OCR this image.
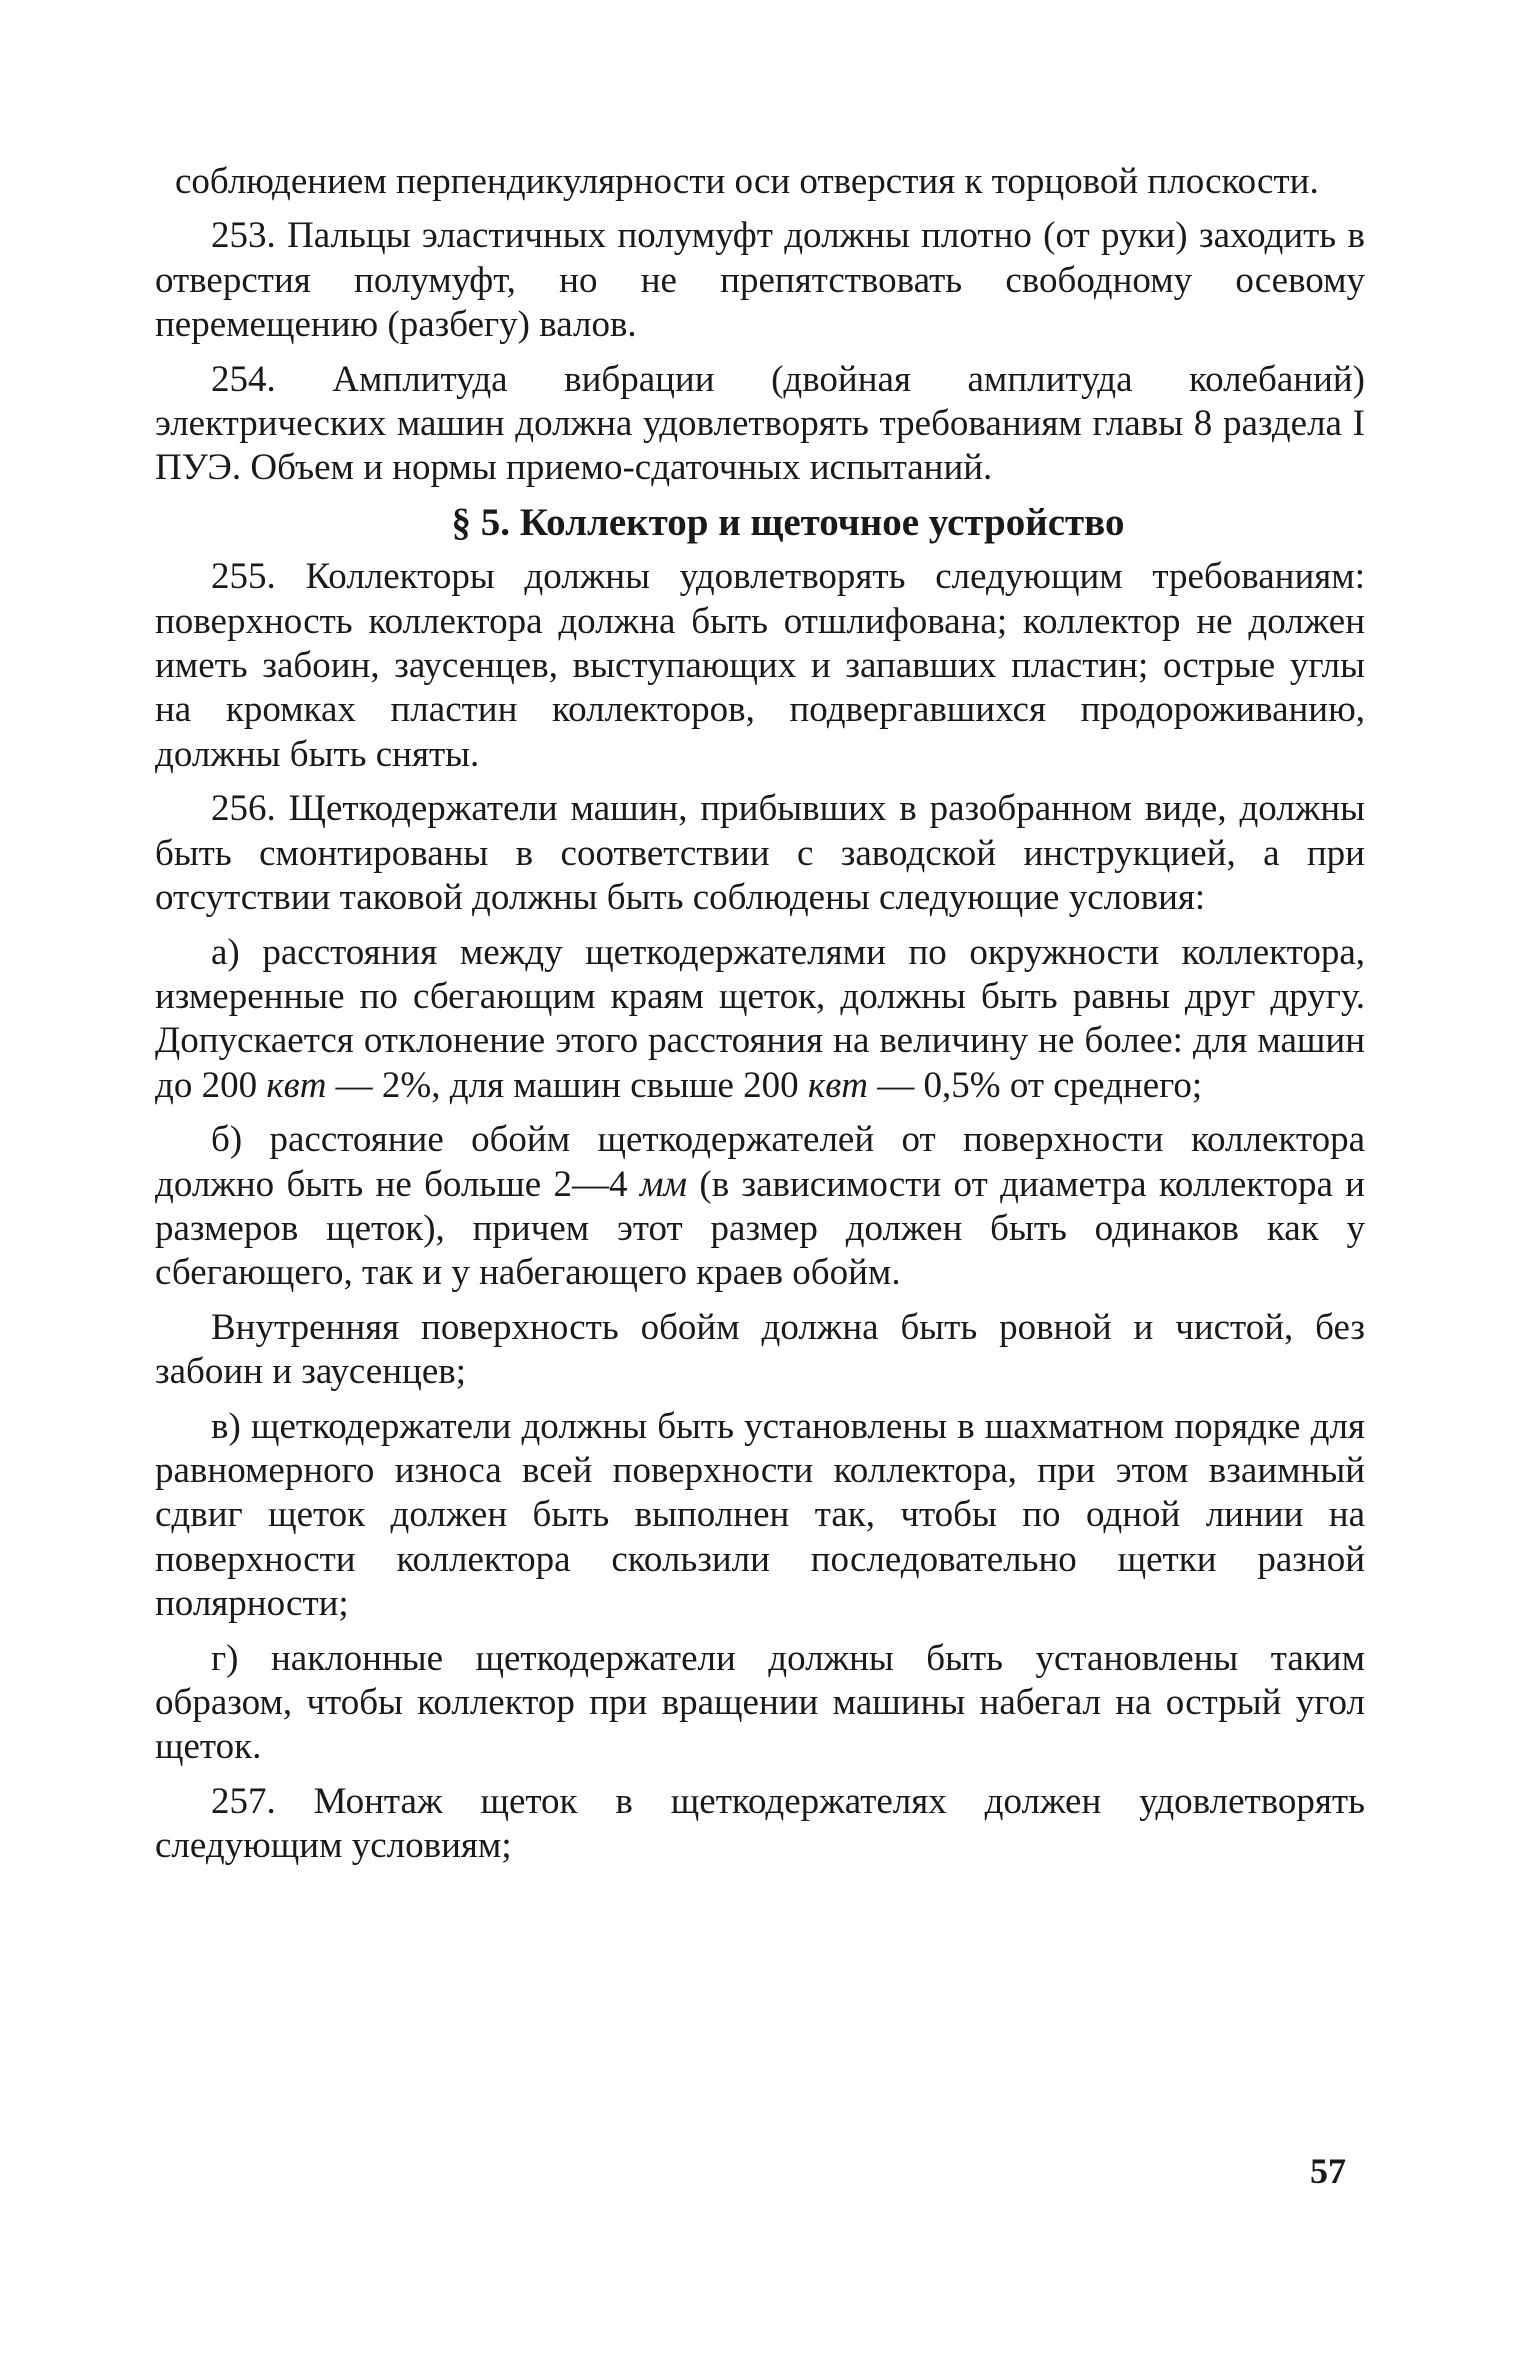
соблюдением перпендикулярности оси отверстия к торцовой плоскости.

253. Пальцы эластичных полумуфт должны плотно (от руки) заходить в отверстия полумуфт, но не препятствовать свободному осевому перемещению (разбегу) валов.

254. Амплитуда вибрации (двойная амплитуда колебаний) электрических машин должна удовлетворять требованиям главы 8 раздела I ПУЭ. Объем и нормы приемо-сдаточных испытаний.

§ 5. Коллектор и щеточное устройство

255. Коллекторы должны удовлетворять следующим требованиям: поверхность коллектора должна быть отшлифована; коллектор не должен иметь забоин, заусенцев, выступающих и запавших пластин; острые углы на кромках пластин коллекторов, подвергавшихся продороживанию, должны быть сняты.

256. Щеткодержатели машин, прибывших в разобранном виде, должны быть смонтированы в соответствии с заводской инструкцией, а при отсутствии таковой должны быть соблюдены следующие условия:

а) расстояния между щеткодержателями по окружности коллектора, измеренные по сбегающим краям щеток, должны быть равны друг другу. Допускается отклонение этого расстояния на величину не более: для машин до 200 квт — 2%, для машин свыше 200 квт — 0,5% от среднего;

б) расстояние обойм щеткодержателей от поверхности коллектора должно быть не больше 2—4 мм (в зависимости от диаметра коллектора и размеров щеток), причем этот размер должен быть одинаков как у сбегающего, так и у набегающего краев обойм.

Внутренняя поверхность обойм должна быть ровной и чистой, без забоин и заусенцев;

в) щеткодержатели должны быть установлены в шахматном порядке для равномерного износа всей поверхности коллектора, при этом взаимный сдвиг щеток должен быть выполнен так, чтобы по одной линии на поверхности коллектора скользили последовательно щетки разной полярности;

г) наклонные щеткодержатели должны быть установлены таким образом, чтобы коллектор при вращении машины набегал на острый угол щеток.

257. Монтаж щеток в щеткодержателях должен удовлетворять следующим условиям;

57
